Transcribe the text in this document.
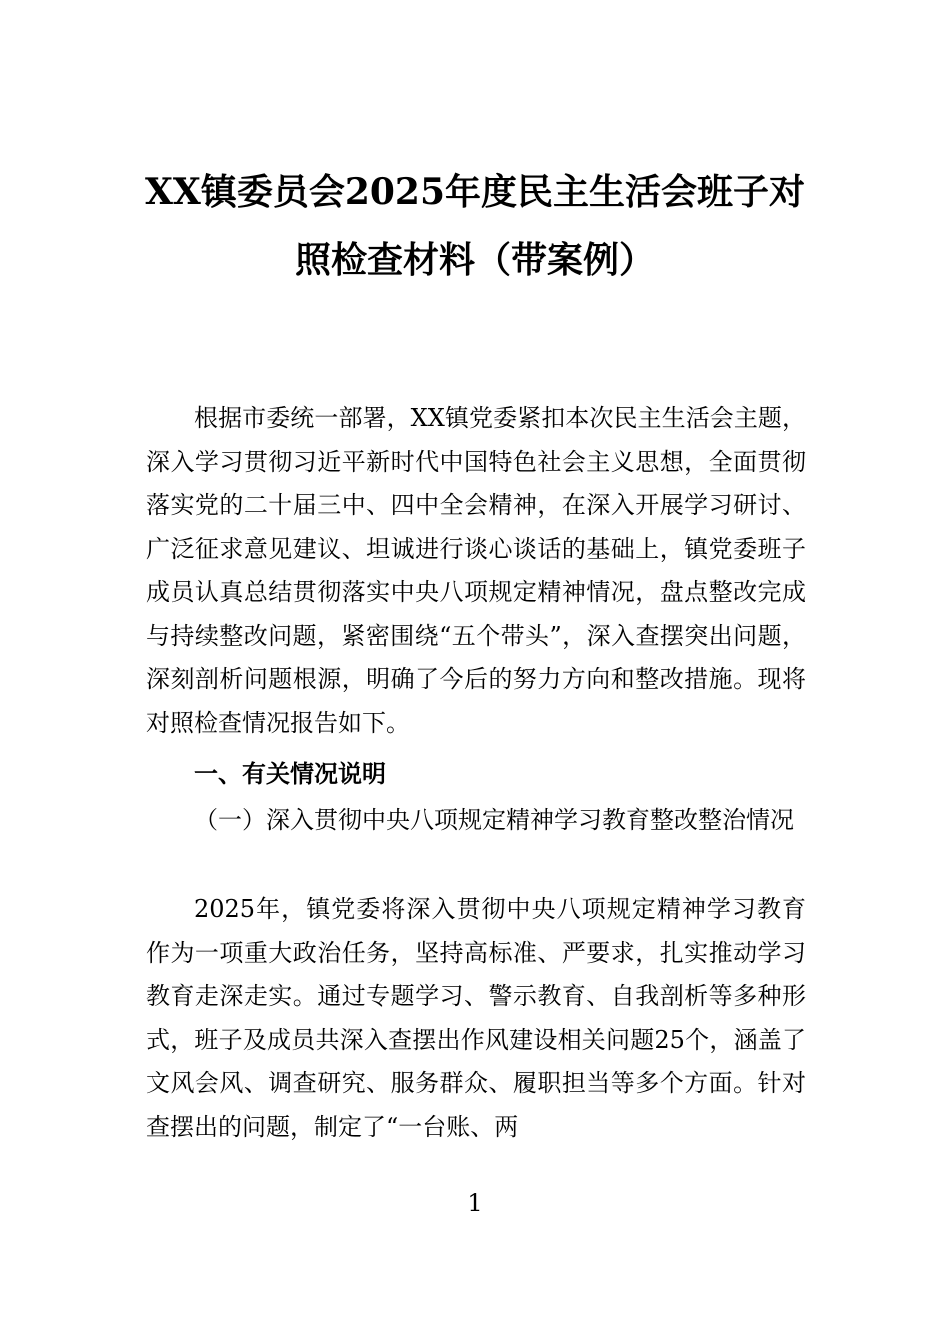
XX镇委员会2025年度民主生活会班子对
照检查材料（带案例）
根据市委统一部署，XX镇党委紧扣本次民主生活会主题，深入学习贯彻习近平新时代中国特色社会主义思想，全面贯彻落实党的二十届三中、四中全会精神，在深入开展学习研讨、广泛征求意见建议、坦诚进行谈心谈话的基础上，镇党委班子成员认真总结贯彻落实中央八项规定精神情况，盘点整改完成与持续整改问题，紧密围绕“五个带头”，深入查摆突出问题，深刻剖析问题根源，明确了今后的努力方向和整改措施。现将对照检查情况报告如下。
一、有关情况说明
（一）深入贯彻中央八项规定精神学习教育整改整治情况
2025年，镇党委将深入贯彻中央八项规定精神学习教育作为一项重大政治任务，坚持高标准、严要求，扎实推动学习教育走深走实。通过专题学习、警示教育、自我剖析等多种形式，班子及成员共深入查摆出作风建设相关问题25个，涵盖了文风会风、调查研究、服务群众、履职担当等多个方面。针对查摆出的问题，制定了“一台账、两
1
